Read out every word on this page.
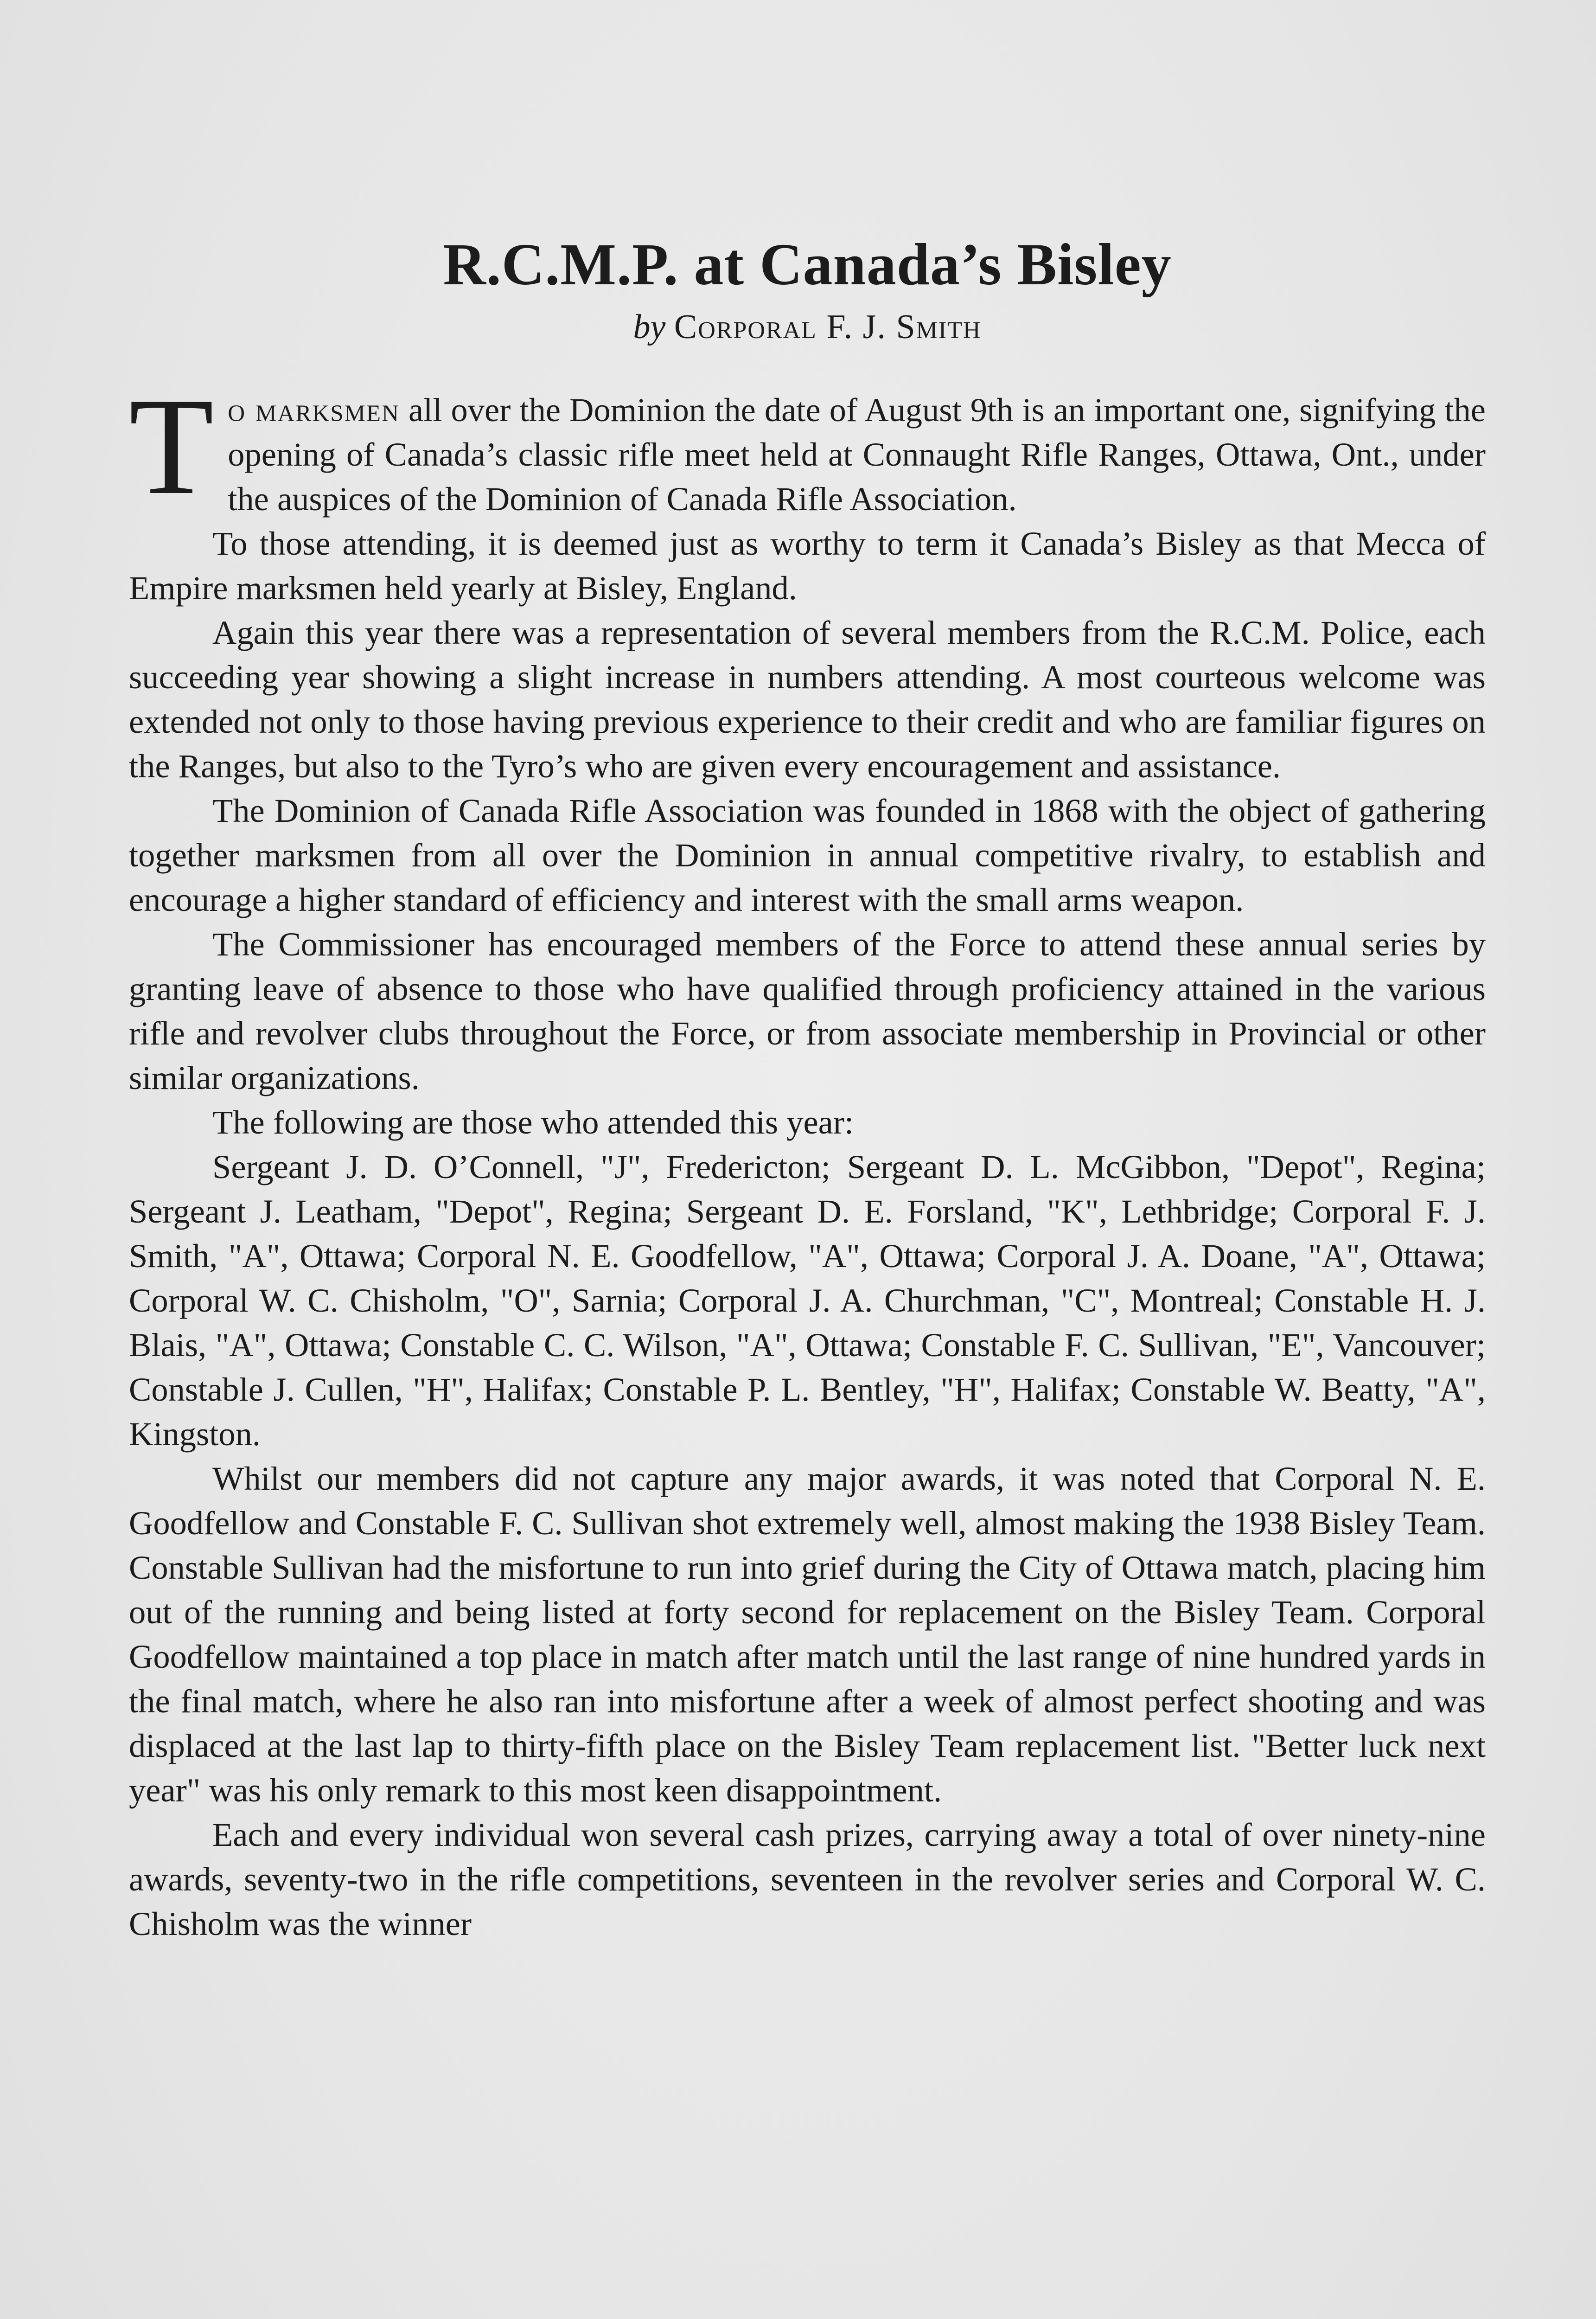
R.C.M.P. at Canada’s Bisley
by Corporal F. J. Smith

To marksmen all over the Dominion the date of August 9th is an important one, signifying the opening of Canada’s classic rifle meet held at Connaught Rifle Ranges, Ottawa, Ont., under the auspices of the Dominion of Canada Rifle Association.

To those attending, it is deemed just as worthy to term it Canada’s Bisley as that Mecca of Empire marksmen held yearly at Bisley, England.

Again this year there was a representation of several members from the R.C.M. Police, each succeeding year showing a slight increase in numbers attending. A most courteous welcome was extended not only to those having previous experience to their credit and who are familiar figures on the Ranges, but also to the Tyro’s who are given every encouragement and assistance.

The Dominion of Canada Rifle Association was founded in 1868 with the object of gathering together marksmen from all over the Dominion in annual competitive rivalry, to establish and encourage a higher standard of efficiency and interest with the small arms weapon.

The Commissioner has encouraged members of the Force to attend these annual series by granting leave of absence to those who have qualified through proficiency attained in the various rifle and revolver clubs throughout the Force, or from associate membership in Provincial or other similar organizations.

The following are those who attended this year:

Sergeant J. D. O’Connell, "J", Fredericton; Sergeant D. L. McGibbon, "Depot", Regina; Sergeant J. Leatham, "Depot", Regina; Sergeant D. E. Forsland, "K", Lethbridge; Corporal F. J. Smith, "A", Ottawa; Corporal N. E. Goodfellow, "A", Ottawa; Corporal J. A. Doane, "A", Ottawa; Corporal W. C. Chisholm, "O", Sarnia; Corporal J. A. Churchman, "C", Montreal; Constable H. J. Blais, "A", Ottawa; Constable C. C. Wilson, "A", Ottawa; Constable F. C. Sullivan, "E", Vancouver; Constable J. Cullen, "H", Halifax; Constable P. L. Bentley, "H", Halifax; Constable W. Beatty, "A", Kingston.

Whilst our members did not capture any major awards, it was noted that Corporal N. E. Goodfellow and Constable F. C. Sullivan shot extremely well, almost making the 1938 Bisley Team. Constable Sullivan had the misfortune to run into grief during the City of Ottawa match, placing him out of the running and being listed at forty second for replacement on the Bisley Team. Corporal Goodfellow maintained a top place in match after match until the last range of nine hundred yards in the final match, where he also ran into misfortune after a week of almost perfect shooting and was displaced at the last lap to thirty-fifth place on the Bisley Team replacement list. "Better luck next year" was his only remark to this most keen disappointment.

Each and every individual won several cash prizes, carrying away a total of over ninety-nine awards, seventy-two in the rifle competitions, seventeen in the revolver series and Corporal W. C. Chisholm was the winner
